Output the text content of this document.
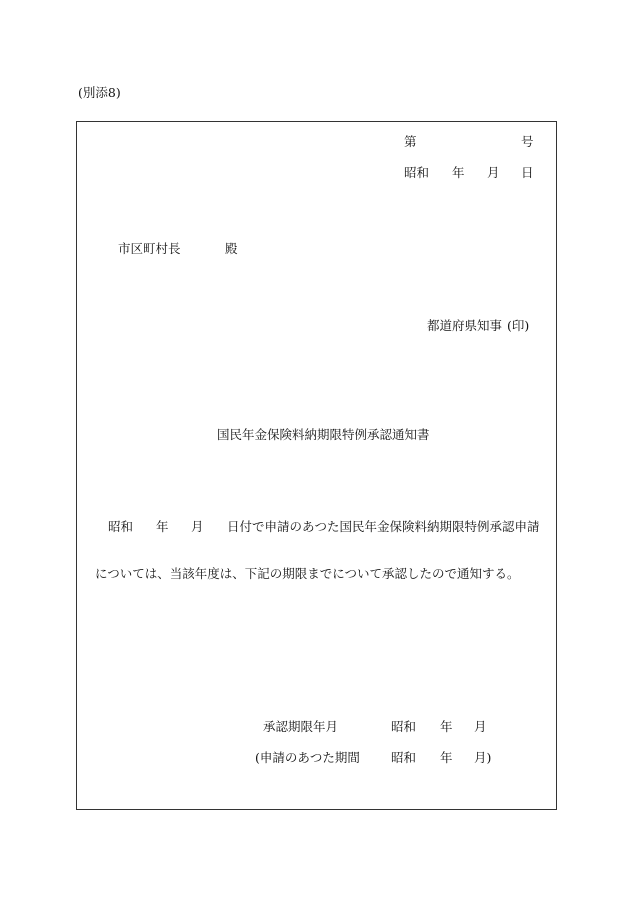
(別添8)
第	号
昭和 年 月 日
市区町村長	殿
都道府県知事 (印)
国民年金保険料納期限特例承認通知書
昭和 年 月 日付で申請のあつた国民年金保険料納期限特例承認申請
については、当該年度は、下記の期限までについて承認したので通知する。
承認期限年月	昭和 年 月
(申請のあつた期間 昭和 年 月)
